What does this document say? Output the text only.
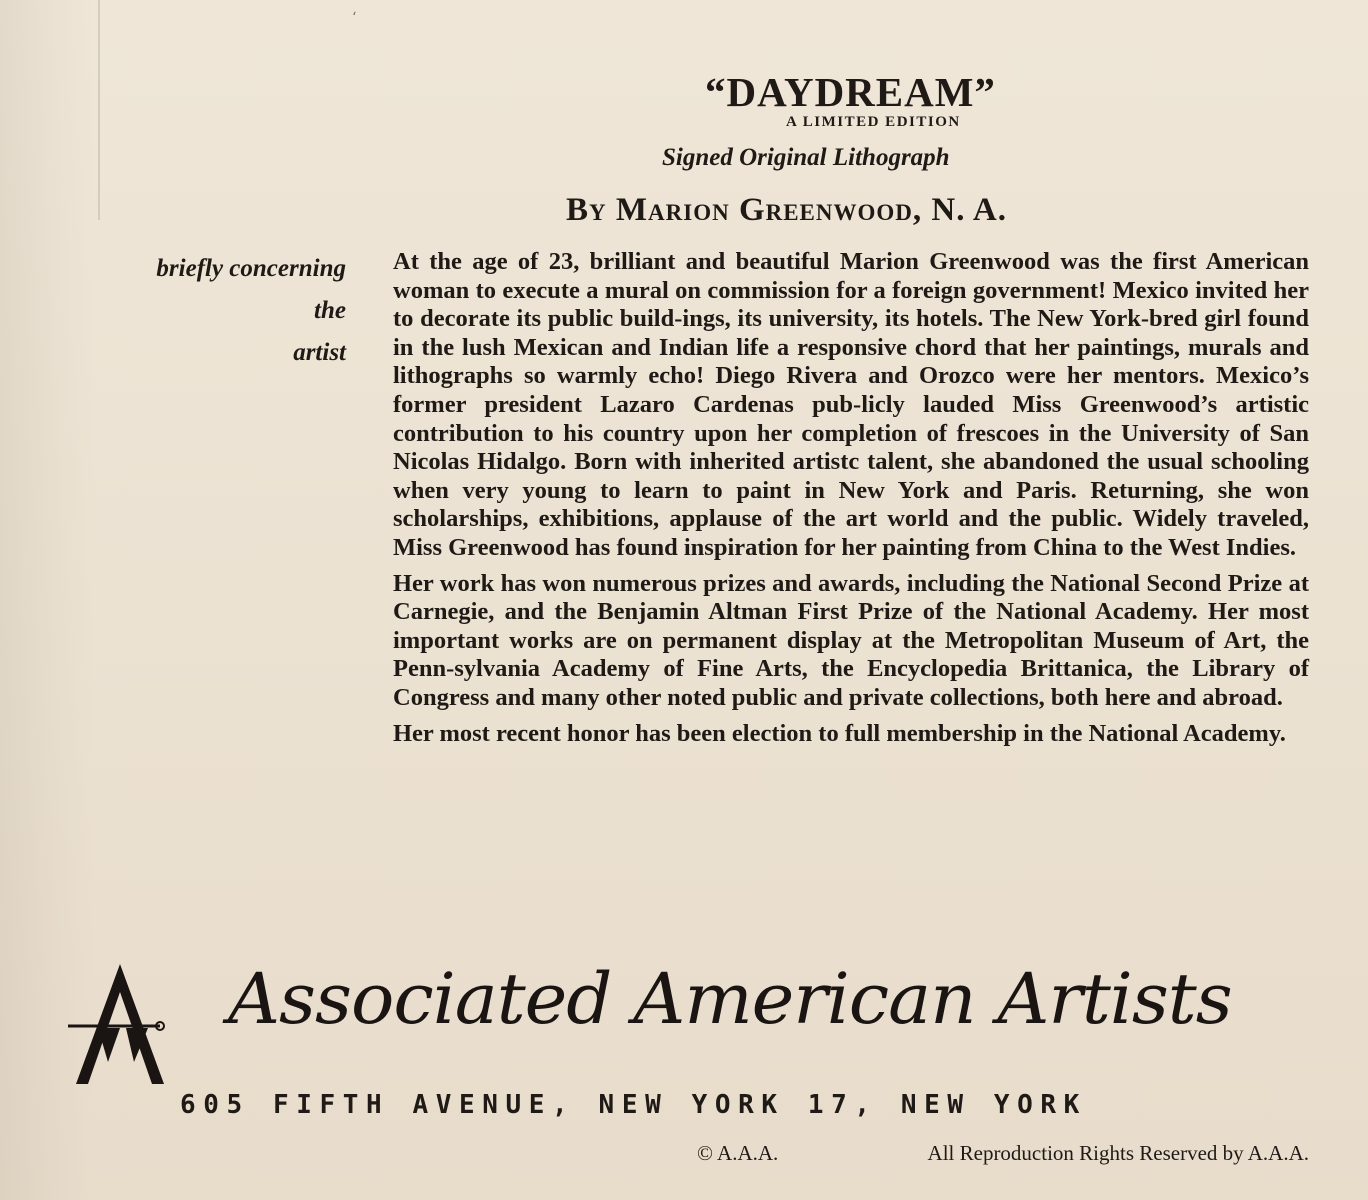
ʻ
“DAYDREAM”
A LIMITED EDITION
Signed Original Lithograph
By Marion Greenwood, N. A.
briefly concerning
the
artist

At the age of 23, brilliant and beautiful Marion Greenwood was the first American woman to execute a mural on commission for a foreign government! Mexico invited her to decorate its public build-ings, its university, its hotels. The New York-bred girl found in the lush Mexican and Indian life a responsive chord that her paintings, murals and lithographs so warmly echo! Diego Rivera and Orozco were her mentors. Mexico’s former president Lazaro Cardenas pub-licly lauded Miss Greenwood’s artistic contribution to his country upon her completion of frescoes in the University of San Nicolas Hidalgo. Born with inherited artistc talent, she abandoned the usual schooling when very young to learn to paint in New York and Paris. Returning, she won scholarships, exhibitions, applause of the art world and the public. Widely traveled, Miss Greenwood has found inspiration for her painting from China to the West Indies.

Her work has won numerous prizes and awards, including the National Second Prize at Carnegie, and the Benjamin Altman First Prize of the National Academy. Her most important works are on permanent display at the Metropolitan Museum of Art, the Penn-sylvania Academy of Fine Arts, the Encyclopedia Brittanica, the Library of Congress and many other noted public and private collections, both here and abroad.

Her most recent honor has been election to full membership in the National Academy.

Associated American Artists
605 FIFTH AVENUE, NEW YORK 17, NEW YORK
© A.A.A.	All Reproduction Rights Reserved by A.A.A.
